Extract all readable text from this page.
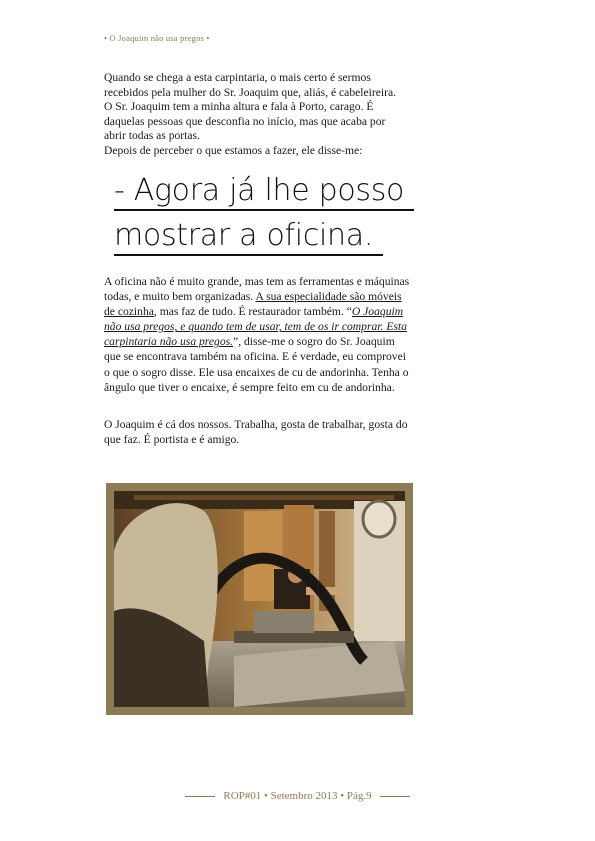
• O Joaquim não usa pregos •

Quando se chega a esta carpintaria, o mais certo é sermos recebidos pela mulher do Sr. Joaquim que, aliás, é cabeleireira. O Sr. Joaquim tem a minha altura e fala à Porto, carago. É daquelas pessoas que desconfia no início, mas que acaba por abrir todas as portas.

Depois de perceber o que estamos a fazer, ele disse-me:

- Agora já lhe posso
mostrar a oficina.

A oficina não é muito grande, mas tem as ferramentas e máquinas todas, e muito bem organizadas. A sua especialidade são móveis de cozinha, mas faz de tudo. É restaurador também. “O Joaquim não usa pregos, e quando tem de usar, tem de os ir comprar. Esta carpintaria não usa pregos.”, disse-me o sogro do Sr. Joaquim que se encontrava também na oficina. E é verdade, eu comprovei o que o sogro disse. Ele usa encaixes de cu de andorinha. Tenha o ângulo que tiver o encaixe, é sempre feito em cu de andorinha.

O Joaquim é cá dos nossos. Trabalha, gosta de trabalhar, gosta do que faz. É portista e é amigo.

ROP#01 • Setembro 2013 • Pág.9
